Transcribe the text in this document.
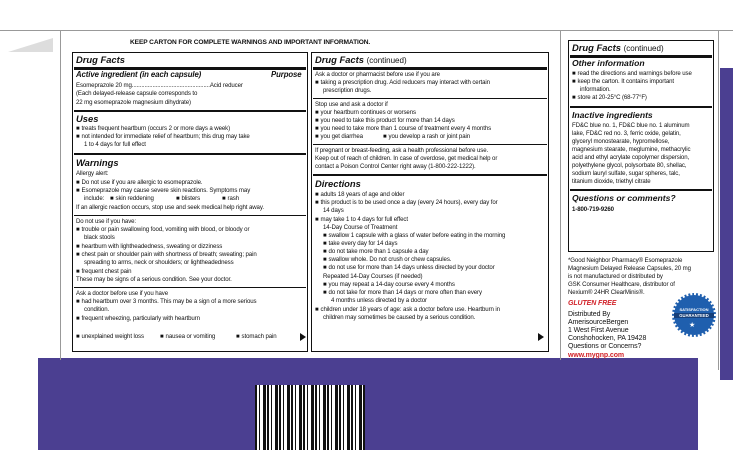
KEEP CARTON FOR COMPLETE WARNINGS AND IMPORTANT INFORMATION.
Drug Facts
Active ingredient (in each capsule)	Purpose
Esomeprazole 20 mg.................................................Acid reducer
(Each delayed-release capsule corresponds to
22 mg esomeprazole magnesium dihydrate)
Uses
■ treats frequent heartburn (occurs 2 or more days a week)
■ not intended for immediate relief of heartburn; this drug may take
1 to 4 days for full effect
Warnings
Allergy alert:
■ Do not use if you are allergic to esomeprazole.
■ Esomeprazole may cause severe skin reactions. Symptoms may
include:	■ skin reddening	■ blisters	■ rash
If an allergic reaction occurs, stop use and seek medical help right away.
Do not use if you have:
■ trouble or pain swallowing food, vomiting with blood, or bloody or
black stools
■ heartburn with lightheadedness, sweating or dizziness
■ chest pain or shoulder pain with shortness of breath; sweating; pain
spreading to arms, neck or shoulders; or lightheadedness
■ frequent chest pain
These may be signs of a serious condition. See your doctor.
Ask a doctor before use if you have
■ had heartburn over 3 months. This may be a sign of a more serious
condition.
■ frequent wheezing, particularly with heartburn
■ unexplained weight loss	■ nausea or vomiting	■ stomach pain
Drug Facts (continued)
Ask a doctor or pharmacist before use if you are
■ taking a prescription drug. Acid reducers may interact with certain
prescription drugs.
Stop use and ask a doctor if
■ your heartburn continues or worsens
■ you need to take this product for more than 14 days
■ you need to take more than 1 course of treatment every 4 months
■ you get diarrhea	■ you develop a rash or joint pain
If pregnant or breast-feeding, ask a health professional before use.
Keep out of reach of children. In case of overdose, get medical help or
contact a Poison Control Center right away (1-800-222-1222).
Directions
■ adults 18 years of age and older
■ this product is to be used once a day (every 24 hours), every day for
14 days
■ may take 1 to 4 days for full effect
14-Day Course of Treatment
■ swallow 1 capsule with a glass of water before eating in the morning
■ take every day for 14 days
■ do not take more than 1 capsule a day
■ swallow whole. Do not crush or chew capsules.
■ do not use for more than 14 days unless directed by your doctor
Repeated 14-Day Courses (if needed)
■ you may repeat a 14-day course every 4 months
■ do not take for more than 14 days or more often than every
4 months unless directed by a doctor
■ children under 18 years of age: ask a doctor before use. Heartburn in
children may sometimes be caused by a serious condition.
Drug Facts (continued)
Other information
■ read the directions and warnings before use
■ keep the carton. It contains important
information.
■ store at 20-25°C (68-77°F)
Inactive ingredients
FD&C blue no. 1, FD&C blue no. 1 aluminum
lake, FD&C red no. 3, ferric oxide, gelatin,
glyceryl monostearate, hypromellose,
magnesium stearate, meglumine, methacrylic
acid and ethyl acrylate copolymer dispersion,
polyethylene glycol, polysorbate 80, shellac,
sodium lauryl sulfate, sugar spheres, talc,
titanium dioxide, triethyl citrate
Questions or comments?
1-800-719-9260
*Good Neighbor Pharmacy® Esomeprazole
Magnesium Delayed Release Capsules, 20 mg
is not manufactured or distributed by
GSK Consumer Healthcare, distributor of
Nexium® 24HR ClearMinis®.
GLUTEN FREE
Distributed By
AmerisourceBergen
1 West First Avenue
Conshohocken, PA 19428
Questions or Concerns?
www.mygnp.com
SATISFACTION
GUARANTEED
★
